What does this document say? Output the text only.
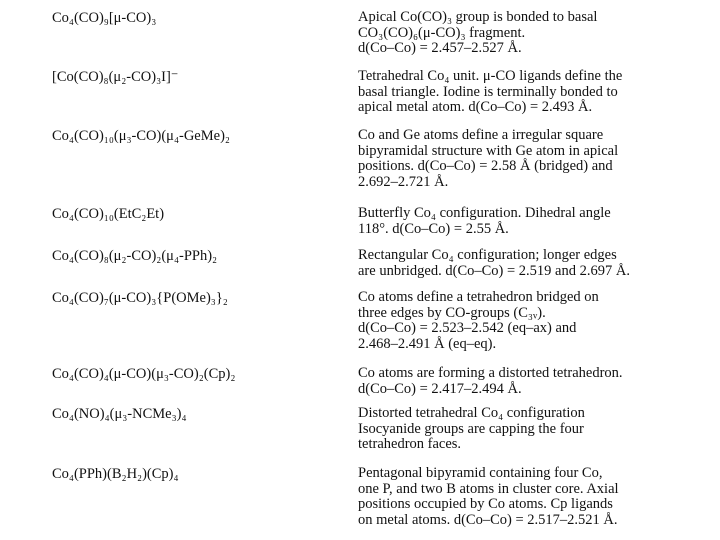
Co₄(CO)₉[μ-CO)₃	Apical Co(CO)₃ group is bonded to basal
CO₃(CO)₆(μ-CO)₃ fragment.
d(Co–Co) = 2.457–2.527 Å.
[Co(CO)₈(μ₂-CO)₃I]⁻	Tetrahedral Co₄ unit. μ-CO ligands define the
basal triangle. Iodine is terminally bonded to
apical metal atom. d(Co–Co) = 2.493 Å.
Co₄(CO)₁₀(μ₃-CO)(μ₄-GeMe)₂	Co and Ge atoms define a irregular square
bipyramidal structure with Ge atom in apical
positions. d(Co–Co) = 2.58 Å (bridged) and
2.692–2.721 Å.
Co₄(CO)₁₀(EtC₂Et)	Butterfly Co₄ configuration. Dihedral angle
118°. d(Co–Co) = 2.55 Å.
Co₄(CO)₈(μ₂-CO)₂(μ₄-PPh)₂	Rectangular Co₄ configuration; longer edges
are unbridged. d(Co–Co) = 2.519 and 2.697 Å.
Co₄(CO)₇(μ-CO)₃{P(OMe)₃}₂	Co atoms define a tetrahedron bridged on
three edges by CO-groups (C₃ᵥ).
d(Co–Co) = 2.523–2.542 (eq–ax) and
2.468–2.491 Å (eq–eq).
Co₄(CO)₄(μ-CO)(μ₃-CO)₂(Cp)₂	Co atoms are forming a distorted tetrahedron.
d(Co–Co) = 2.417–2.494 Å.
Co₄(NO)₄(μ₃-NCMe₃)₄	Distorted tetrahedral Co₄ configuration
Isocyanide groups are capping the four
tetrahedron faces.
Co₄(PPh)(B₂H₂)(Cp)₄	Pentagonal bipyramid containing four Co,
one P, and two B atoms in cluster core. Axial
positions occupied by Co atoms. Cp ligands
on metal atoms. d(Co–Co) = 2.517–2.521 Å.
